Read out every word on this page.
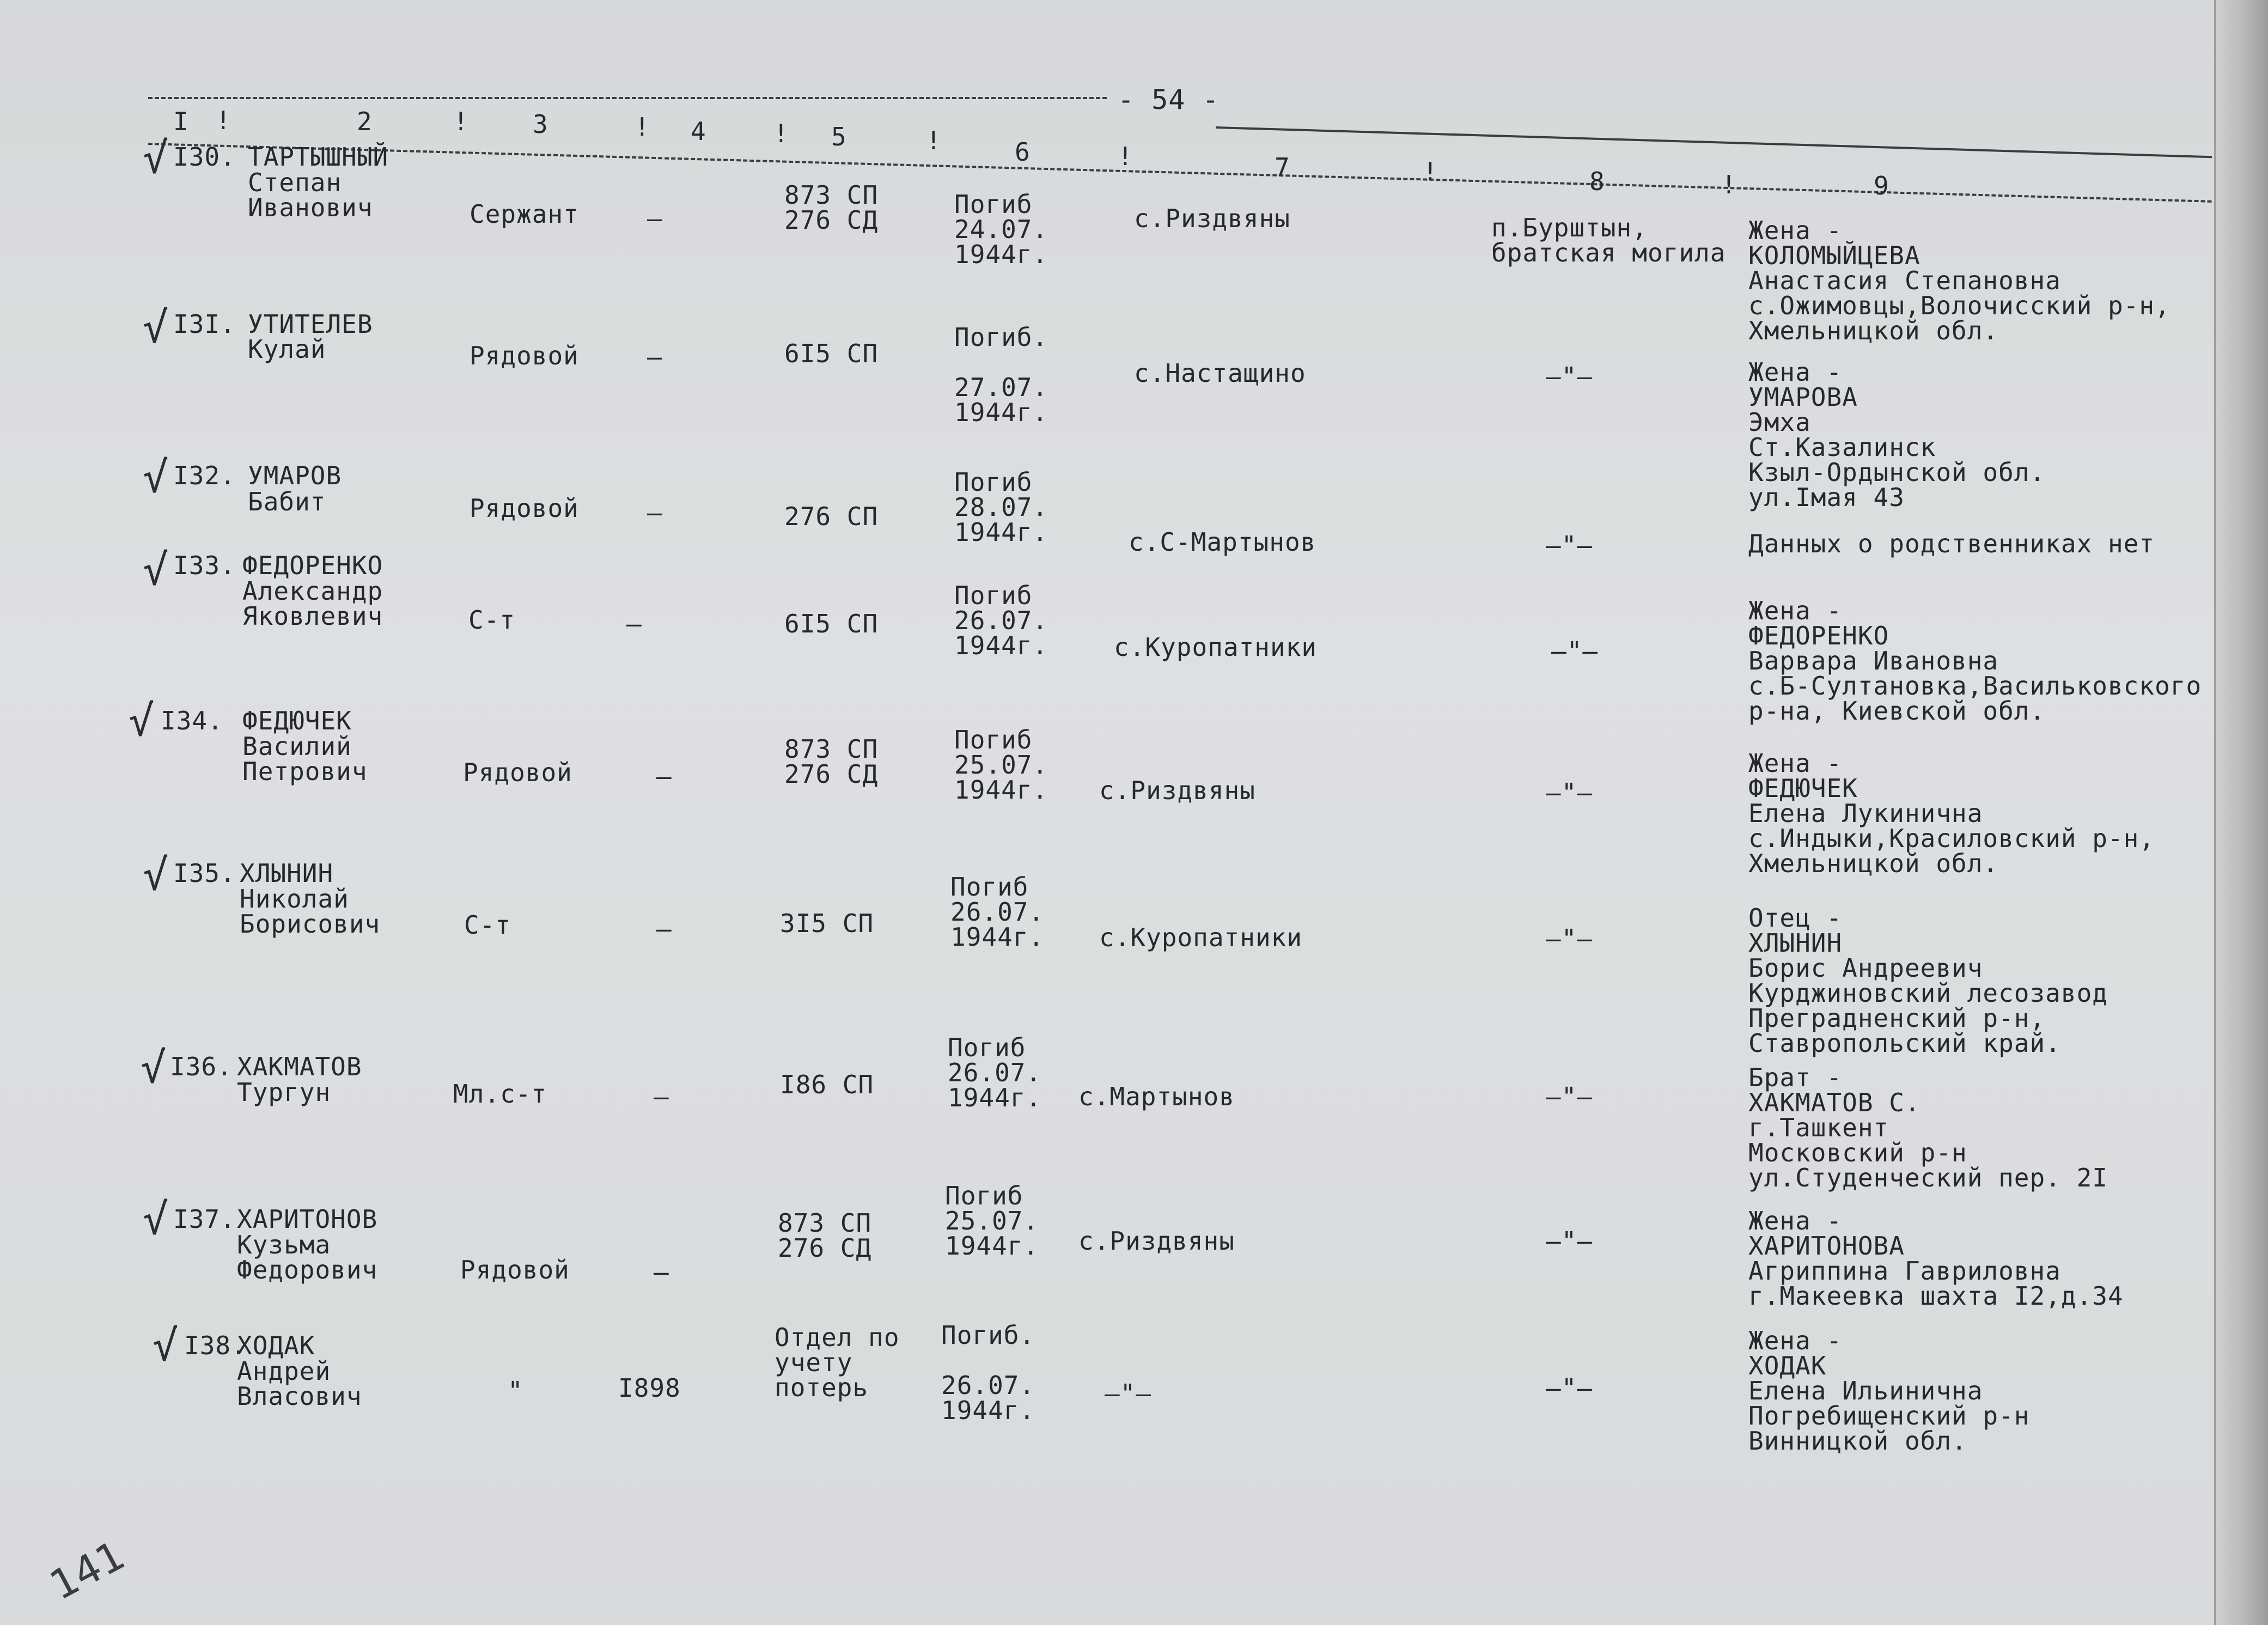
- 54 -
I !	2	!	3	! 4	! 5	!	6	!	7	!	8	!	9
√ I30. ТАРТЫШНЫЙ
Степан
Иванович	Сержант	–
873 СП
276 СД
Погиб
24.07.
1944г.
с.Риздвяны	п.Бурштын,
братская могила
Жена -
КОЛОМЫЙЦЕВА
Анастасия Степановна
с.Ожимовцы,Волочисский р-н,
Хмельницкой обл.
√ I3I. УТИТЕЛЕВ
Кулай	Рядовой	–	6I5 СП
Погиб.

27.07.
1944г.
с.Настащино	–"–	Жена -
УМАРОВА
Эмха
Ст.Казалинск
Кзыл-Ордынской обл.
ул.Iмая 43
√ I32. УМАРОВ
Бабит	Рядовой	–	276 СП
Погиб
28.07.
1944г.	с.С-Мартынов	–"–	Данных о родственниках нет
√ I33. ФЕДОРЕНКО
Александр
Яковлевич	С-т	–	6I5 СП
Погиб
26.07.
1944г.	с.Куропатники	–"–
Жена -
ФЕДОРЕНКО
Варвара Ивановна
с.Б-Султановка,Васильковского
р-на, Киевской обл.
√ I34. ФЕДЮЧЕК
Василий
Петрович	Рядовой	–
873 СП
276 СД
Погиб
25.07.
1944г. с.Риздвяны	–"–
Жена -
ФЕДЮЧЕК
Елена Лукинична
с.Индыки,Красиловский р-н,
Хмельницкой обл.
√ I35. ХЛЫНИН
Николай
Борисович	С-т	–	3I5 СП
Погиб
26.07.
1944г. с.Куропатники	–"–
Отец -
ХЛЫНИН
Борис Андреевич
Курджиновский лесозавод
Преградненский р-н,
Ставропольский край.
√ I36. ХАКМАТОВ
Тургун	Мл.с-т	–	I86 СП
Погиб
26.07.
1944г. с.Мартынов	–"–
Брат -
ХАКМАТОВ С.
г.Ташкент
Московский р-н
ул.Студенческий пер. 2I
√ I37. ХАРИТОНОВ
Кузьма
Федорович	Рядовой	–
873 СП
276 СД
Погиб
25.07.
1944г. с.Риздвяны	–"–
Жена -
ХАРИТОНОВА
Агриппина Гавриловна
г.Макеевка шахта I2,д.34
√ I38.
ХОДАК
Андрей
Власович	"	I898
Отдел по
учету
потерь
Погиб.

26.07.
1944г.
–"–	–"–
Жена -
ХОДАК
Елена Ильинична
Погребищенский р-н
Винницкой обл.
141
